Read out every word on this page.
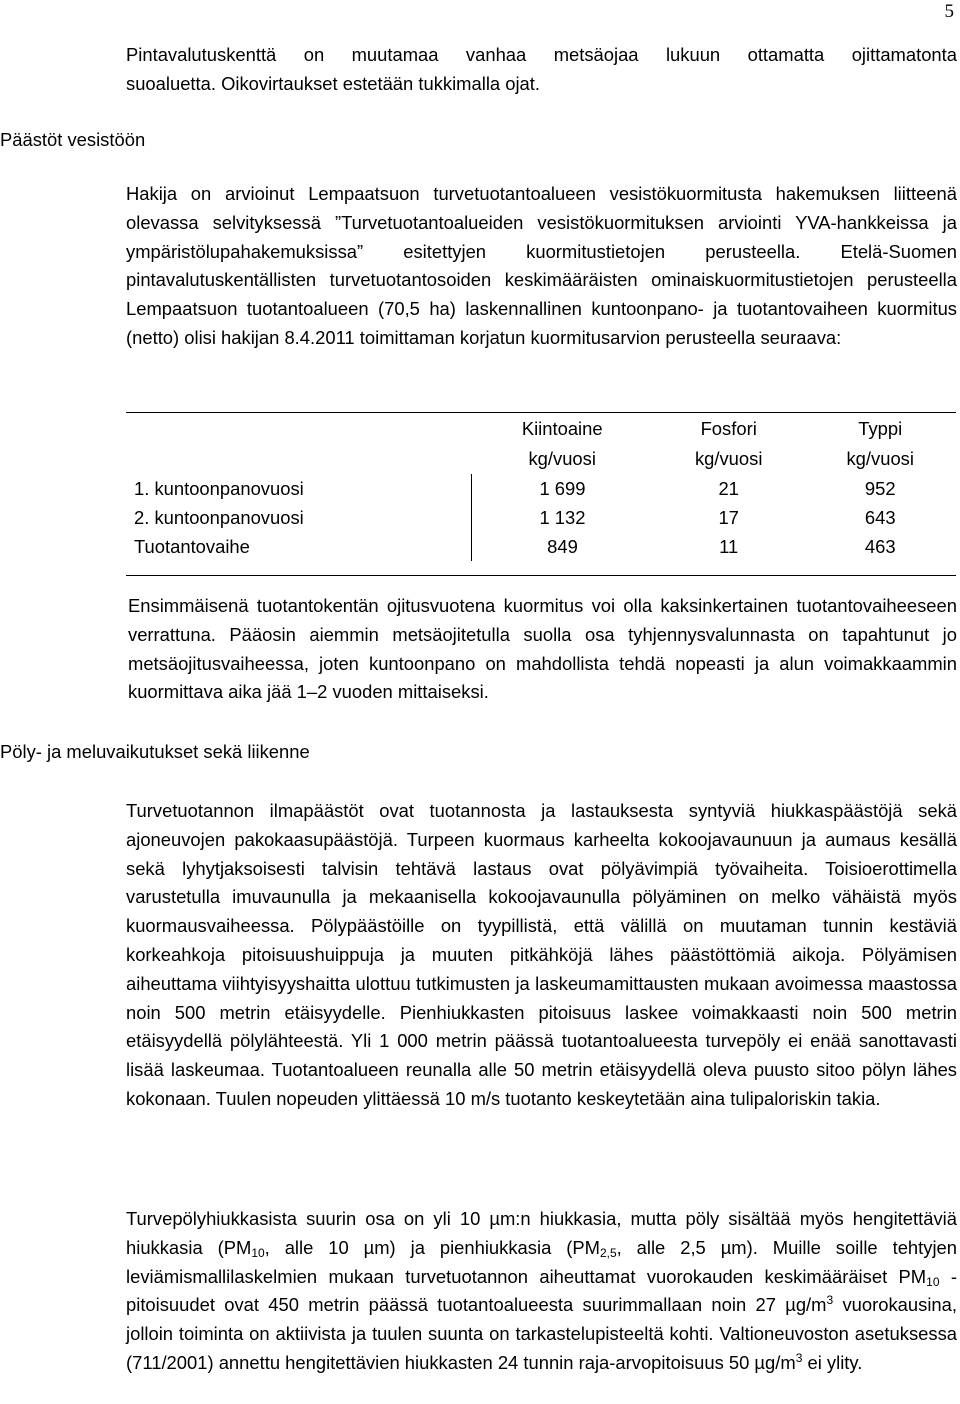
5
Pintavalutuskenttä on muutamaa vanhaa metsäojaa lukuun ottamatta ojittamatonta
suoaluetta. Oikovirtaukset estetään tukkimalla ojat.
Päästöt vesistöön

Hakija on arvioinut Lempaatsuon turvetuotantoalueen vesistökuormitusta hakemuksen liitteenä olevassa selvityksessä ”Turvetuotantoalueiden vesistökuormituksen arviointi YVA-hankkeissa ja ympäristölupahakemuksissa” esitettyjen kuormitustietojen perusteella. Etelä-Suomen pintavalutuskentällisten turvetuotantosoiden keskimääräisten ominaiskuormitustietojen perusteella Lempaatsuon tuotantoalueen (70,5 ha) laskennallinen kuntoonpano- ja tuotantovaiheen kuormitus (netto) olisi hakijan 8.4.2011 toimittaman korjatun kuormitusarvion perusteella seuraava:

	Kiintoaine	Fosfori	Typpi
	kg/vuosi	kg/vuosi	kg/vuosi
1. kuntoonpanovuosi	1 699	21	952
2. kuntoonpanovuosi	1 132	17	643
Tuotantovaihe	849	11	463

Ensimmäisenä tuotantokentän ojitusvuotena kuormitus voi olla kaksinkertainen tuotantovaiheeseen verrattuna. Pääosin aiemmin metsäojitetulla suolla osa tyhjennysvalunnasta on tapahtunut jo metsäojitusvaiheessa, joten kuntoonpano on mahdollista tehdä nopeasti ja alun voimakkaammin kuormittava aika jää 1–2 vuoden mittaiseksi.

Pöly- ja meluvaikutukset sekä liikenne

Turvetuotannon ilmapäästöt ovat tuotannosta ja lastauksesta syntyviä hiukkaspäästöjä sekä ajoneuvojen pakokaasupäästöjä. Turpeen kuormaus karheelta kokoojavaunuun ja aumaus kesällä sekä lyhytjaksoisesti talvisin tehtävä lastaus ovat pölyävimpiä työvaiheita. Toisioerottimella varustetulla imuvaunulla ja mekaanisella kokoojavaunulla pölyäminen on melko vähäistä myös kuormausvaiheessa. Pölypäästöille on tyypillistä, että välillä on muutaman tunnin kestäviä korkeahkoja pitoisuushuippuja ja muuten pitkähköjä lähes päästöttömiä aikoja. Pölyämisen aiheuttama viihtyisyyshaitta ulottuu tutkimusten ja laskeumamittausten mukaan avoimessa maastossa noin 500 metrin etäisyydelle. Pienhiukkasten pitoisuus laskee voimakkaasti noin 500 metrin etäisyydellä pölylähteestä. Yli 1 000 metrin päässä tuotantoalueesta turvepöly ei enää sanottavasti lisää laskeumaa. Tuotantoalueen reunalla alle 50 metrin etäisyydellä oleva puusto sitoo pölyn lähes kokonaan. Tuulen nopeuden ylittäessä 10 m/s tuotanto keskeytetään aina tulipaloriskin takia.

Turvepölyhiukkasista suurin osa on yli 10 µm:n hiukkasia, mutta pöly sisältää myös hengitettäviä hiukkasia ($PM_{10}$, alle 10 µm) ja pienhiukkasia ($PM_{2,5}$, alle 2,5 µm). Muille soille tehtyjen leviämismallilaskelmien mukaan turvetuotannon aiheuttamat vuorokauden keskimääräiset $PM_{10}$ -pitoisuudet ovat 450 metrin päässä tuotantoalueesta suurimmallaan noin 27 $\mu g/m^3$ vuorokausina, jolloin toiminta on aktiivista ja tuulen suunta on tarkastelupisteeltä kohti. Valtioneuvoston asetuksessa (711/2001) annettu hengitettävien hiukkasten 24 tunnin raja-arvopitoisuus 50 $\mu g/m^3$ ei ylity.
